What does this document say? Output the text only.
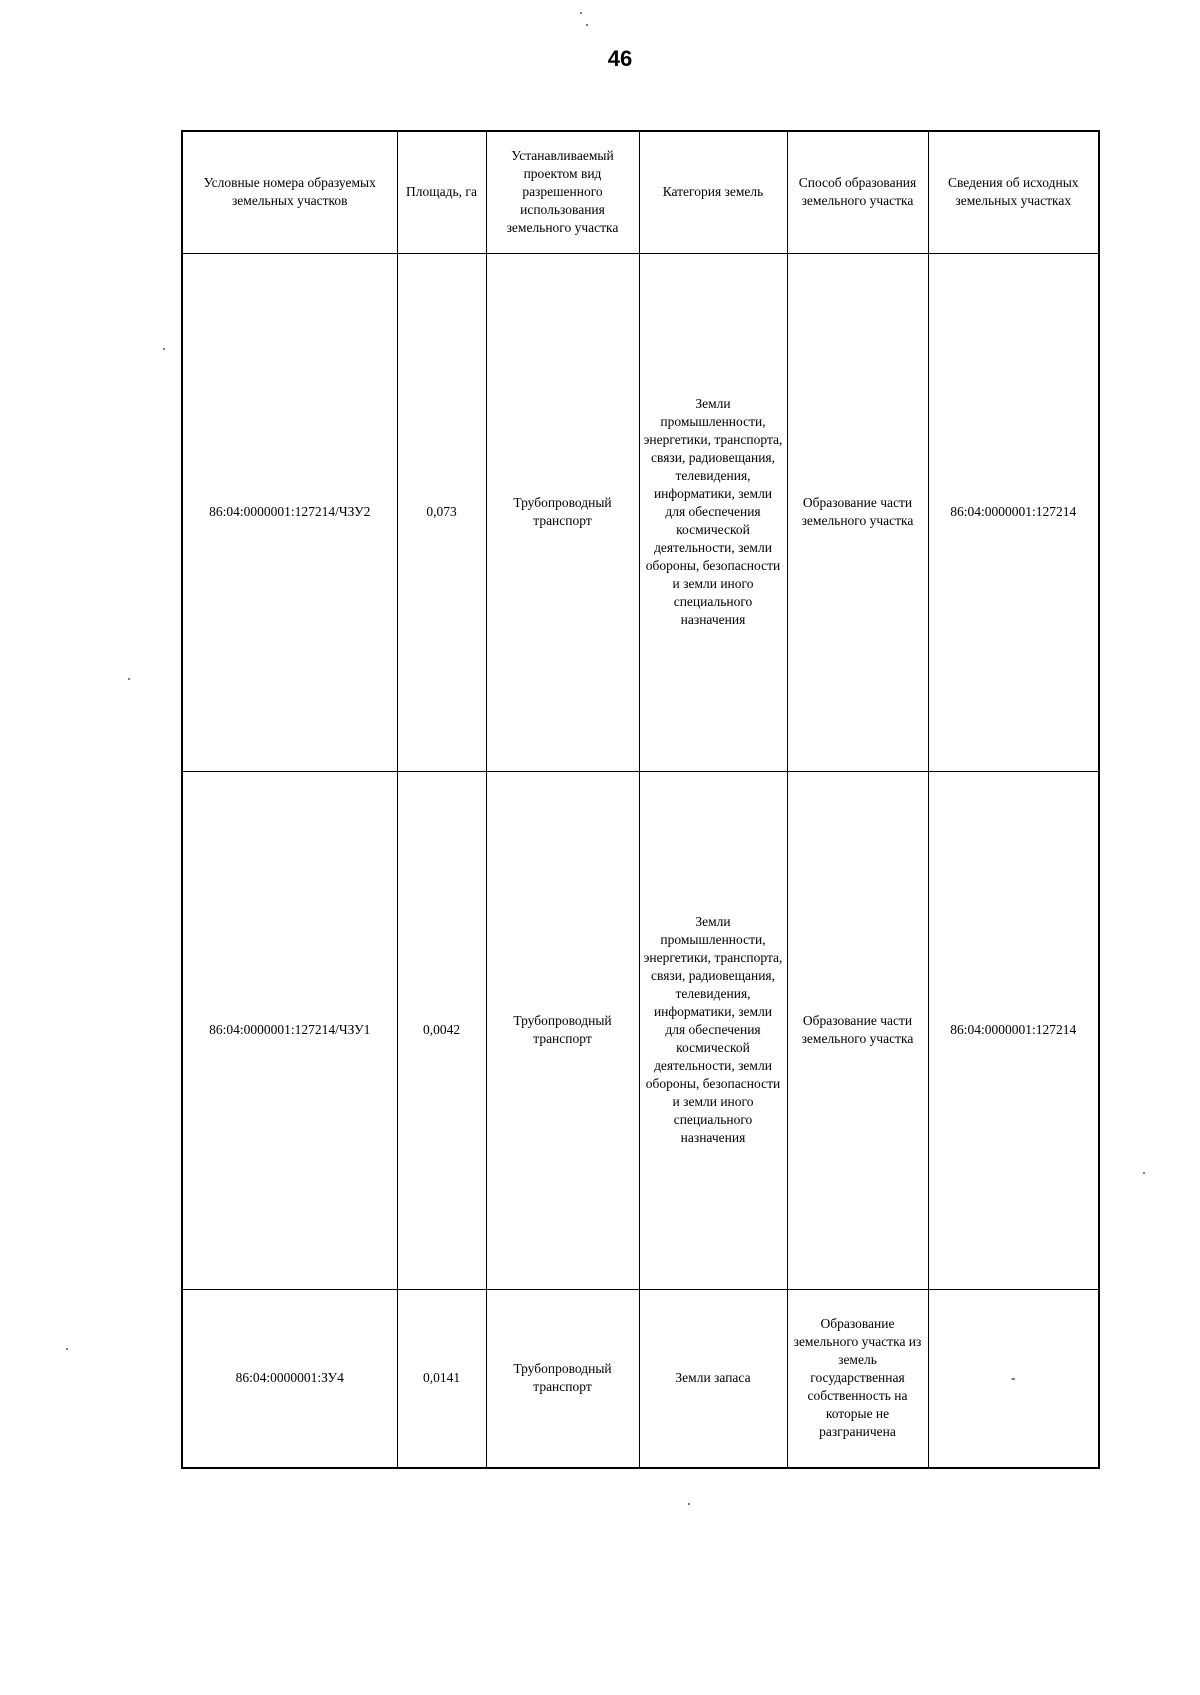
46
Условные номера образуемых земельных участков	Площадь, га	Устанавливаемый проектом вид разрешенного использования земельного участка	Категория земель	Способ образования земельного участка	Сведения об исходных земельных участках
86:04:0000001:127214/ЧЗУ2	0,073	Трубопроводный транспорт	Земли промышленности, энергетики, транспорта, связи, радиовещания, телевидения, информатики, земли для обеспечения космической деятельности, земли обороны, безопасности и земли иного специального назначения	Образование части земельного участка	86:04:0000001:127214
86:04:0000001:127214/ЧЗУ1	0,0042	Трубопроводный транспорт	Земли промышленности, энергетики, транспорта, связи, радиовещания, телевидения, информатики, земли для обеспечения космической деятельности, земли обороны, безопасности и земли иного специального назначения	Образование части земельного участка	86:04:0000001:127214
86:04:0000001:ЗУ4	0,0141	Трубопроводный транспорт	Земли запаса	Образование земельного участка из земель государственная собственность на которые не разграничена	-
